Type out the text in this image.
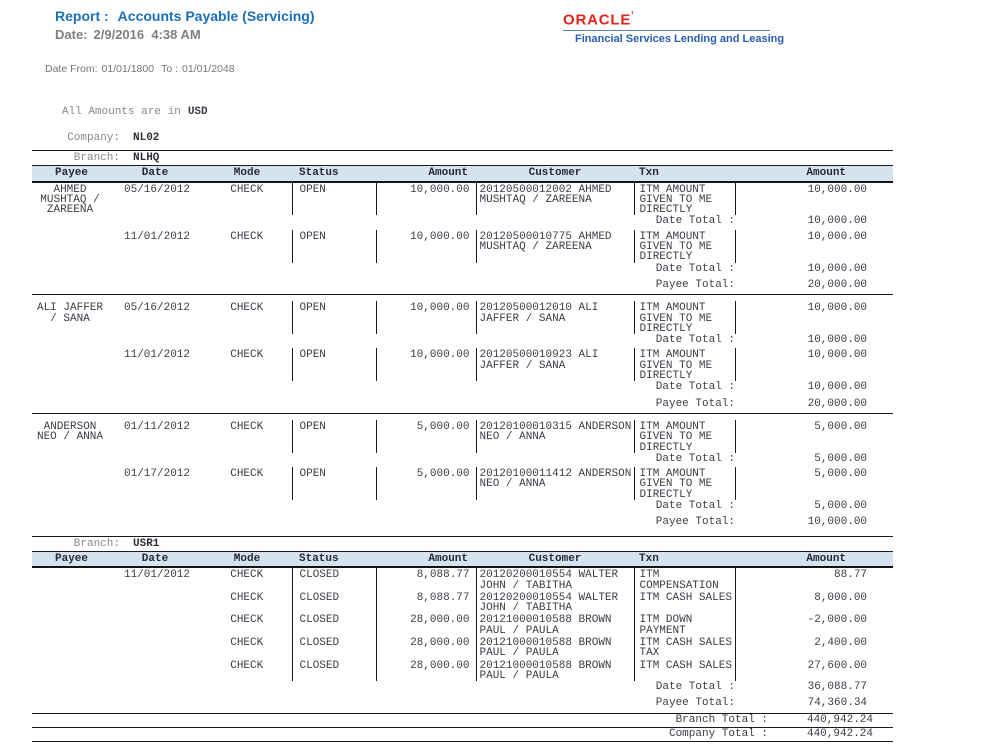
Report : Accounts Payable (Servicing)
Date: 2/9/2016  4:38 AM
ORACLE’
Financial Services Lending and Leasing
Date From: 01/01/1800 To : 01/01/2048
All Amounts are in USD
Company: NL02
Branch: NLHQ							
Payee	Date	Mode	Status	Amount	Customer	Txn	Amount
AHMED MUSHTAQ / ZAREENA	05/16/2012	CHECK	OPEN	10,000.00	20120500012002 AHMED MUSHTAQ / ZAREENA	ITM AMOUNT GIVEN TO ME DIRECTLY	10,000.00
Date Total :							10,000.00

	11/01/2012	CHECK	OPEN	10,000.00	20120500010775 AHMED MUSHTAQ / ZAREENA	ITM AMOUNT GIVEN TO ME DIRECTLY	10,000.00
Date Total :							10,000.00

Payee Total:							20,000.00

ALI JAFFER / SANA	05/16/2012	CHECK	OPEN	10,000.00	20120500012010 ALI JAFFER / SANA	ITM AMOUNT GIVEN TO ME DIRECTLY	10,000.00
Date Total :							10,000.00

	11/01/2012	CHECK	OPEN	10,000.00	20120500010923 ALI JAFFER / SANA	ITM AMOUNT GIVEN TO ME DIRECTLY	10,000.00
Date Total :							10,000.00

Payee Total:							20,000.00

ANDERSON NEO / ANNA	01/11/2012	CHECK	OPEN	5,000.00	20120100010315 ANDERSON NEO / ANNA	ITM AMOUNT GIVEN TO ME DIRECTLY	5,000.00
Date Total :							5,000.00

	01/17/2012	CHECK	OPEN	5,000.00	20120100011412 ANDERSON NEO / ANNA	ITM AMOUNT GIVEN TO ME DIRECTLY	5,000.00
Date Total :							5,000.00

Payee Total:							10,000.00
Branch: USR1							
Payee	Date	Mode	Status	Amount	Customer	Txn	Amount
	11/01/2012	CHECK	CLOSED	8,088.77	20120200010554 WALTER JOHN / TABITHA	ITM COMPENSATION	88.77
		CHECK	CLOSED	8,088.77	20120200010554 WALTER JOHN / TABITHA	ITM CASH SALES	8,000.00
		CHECK	CLOSED	28,000.00	20121000010588 BROWN PAUL / PAULA	ITM DOWN PAYMENT	-2,000.00
		CHECK	CLOSED	28,000.00	20121000010588 BROWN PAUL / PAULA	ITM CASH SALES TAX	2,400.00
		CHECK	CLOSED	28,000.00	20121000010588 BROWN PAUL / PAULA	ITM CASH SALES	27,600.00
Date Total :							36,088.77

Payee Total:							74,360.34
Branch Total :	440,942.24
Company Total :	440,942.24
